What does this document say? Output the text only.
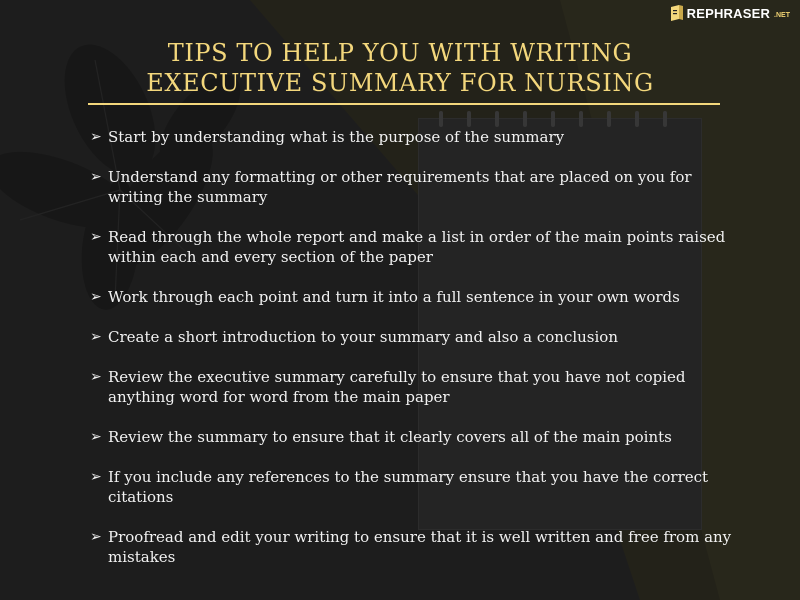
REPHRASER .NET
TIPS TO HELP YOU WITH WRITING
EXECUTIVE SUMMARY FOR NURSING
➢ Start by understanding what is the purpose of the summary
➢ Understand any formatting or other requirements that are placed on you for writing the summary
➢ Read through the whole report and make a list in order of the main points raised within each and every section of the paper
➢ Work through each point and turn it into a full sentence in your own words
➢ Create a short introduction to your summary and also a conclusion
➢ Review the executive summary carefully to ensure that you have not copied anything word for word from the main paper
➢ Review the summary to ensure that it clearly covers all of the main points
➢ If you include any references to the summary ensure that you have the correct citations
➢ Proofread and edit your writing to ensure that it is well written and free from any mistakes
